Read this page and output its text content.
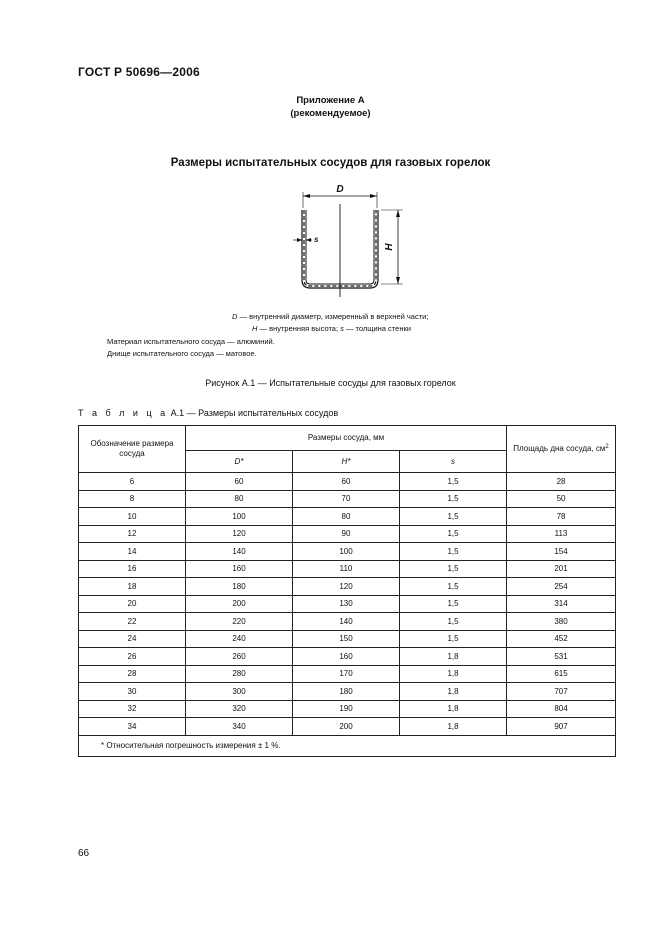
ГОСТ Р 50696—2006
Приложение А
(рекомендуемое)
Размеры испытательных сосудов для газовых горелок
D
H
s
D — внутренний диаметр, измеренный в верхней части;
H — внутренняя высота; s — толщина стенки
Материал испытательного сосуда — алюминий.
Днище испытательного сосуда — матовое.
Рисунок А.1 — Испытательные сосуды для газовых горелок
Т а б л и ц а А.1 — Размеры испытательных сосудов
Обозначение размера сосуда	Размеры сосуда, мм			Площадь дна сосуда, $см^2$
	D*	H*	s	
6	60	60	1,5	28
8	80	70	1,5	50
10	100	80	1,5	78
12	120	90	1,5	113
14	140	100	1,5	154
16	160	110	1,5	201
18	180	120	1,5	254
20	200	130	1,5	314
22	220	140	1,5	380
24	240	150	1,5	452
26	260	160	1,8	531
28	280	170	1,8	615
30	300	180	1,8	707
32	320	190	1,8	804
34	340	200	1,8	907
* Относительная погрешность измерения ± 1 %.				
66
